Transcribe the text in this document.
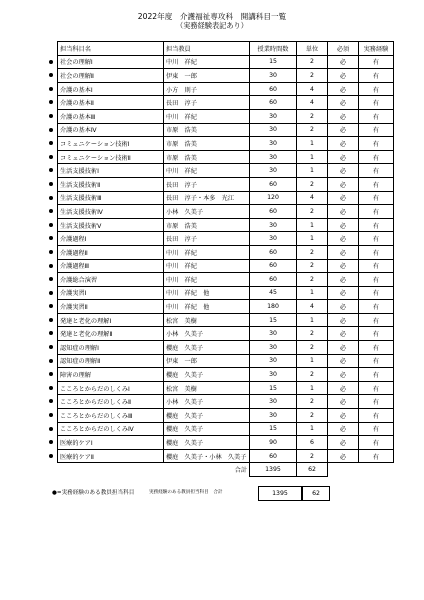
2022年度　介護福祉専攻科　開講科目一覧
（実務経験表記あり）
担当科目名	担当教員	授業時間数	単位	必須	実務経験
社会の理解Ⅰ	中川　祥紀	15	2	必	有
社会の理解Ⅱ	伊東　一郎	30	2	必	有
介護の基本Ⅰ	小方　則子	60	4	必	有
介護の基本Ⅱ	長田　淳子	60	4	必	有
介護の基本Ⅲ	中川　祥紀	30	2	必	有
介護の基本Ⅳ	市原　浩美	30	2	必	有
コミュニケーション技術Ⅰ	市原　浩美	30	1	必	有
コミュニケーション技術Ⅱ	市原　浩美	30	1	必	有
生活支援技術Ⅰ	中川　祥紀	30	1	必	有
生活支援技術Ⅱ	長田　淳子	60	2	必	有
生活支援技術Ⅲ	長田　淳子・本多　光江	120	4	必	有
生活支援技術Ⅳ	小林　久美子	60	2	必	有
生活支援技術Ⅴ	市原　浩美	30	1	必	有
介護過程Ⅰ	長田　淳子	30	1	必	有
介護過程Ⅱ	中川　祥紀	60	2	必	有
介護過程Ⅲ	中川　祥紀	60	2	必	有
介護総合演習	中川　祥紀	60	2	必	有
介護実習Ⅰ	中川　祥紀　他	45	1	必	有
介護実習Ⅱ	中川　祥紀　他	180	4	必	有
発達と老化の理解Ⅰ	松宮　美樹	15	1	必	有
発達と老化の理解Ⅱ	小林　久美子	30	2	必	有
認知症の理解Ⅰ	櫻庭　久美子	30	2	必	有
認知症の理解Ⅱ	伊東　一郎	30	1	必	有
障害の理解	櫻庭　久美子	30	2	必	有
こころとからだのしくみⅠ	松宮　美樹	15	1	必	有
こころとからだのしくみⅡ	小林　久美子	30	2	必	有
こころとからだのしくみⅢ	櫻庭　久美子	30	2	必	有
こころとからだのしくみⅣ	櫻庭　久美子	15	1	必	有
医療的ケアⅠ	櫻庭　久美子	90	6	必	有
医療的ケアⅡ	櫻庭　久美子・小林　久美子	60	2	必	有
	合計	1395	62		
●=実務経験のある教員担当科目	実務経験のある教員担当科目　合計	1395	62
